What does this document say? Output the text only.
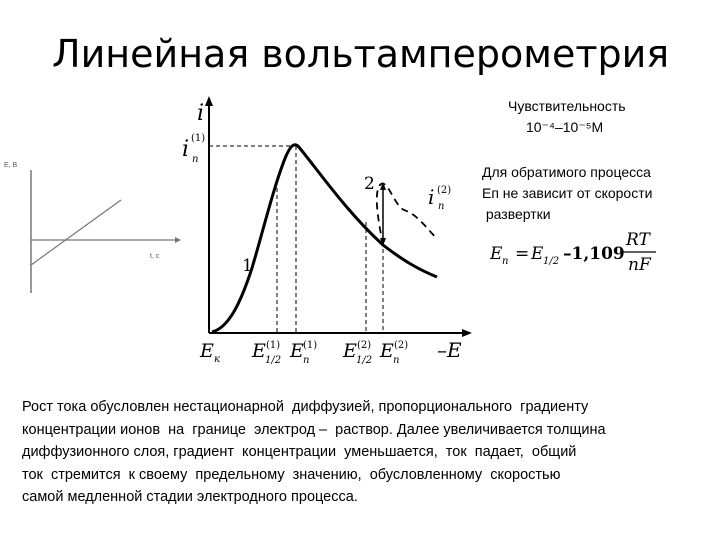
Линейная вольтамперометрия
Чувствительность
10⁻⁴–10⁻⁵М
Для обратимого процесса
Еп не зависит от скорости
развертки
E п = E 1/2 –1,109
RT
nF
E, B
t, c
i
i п
(1)
i п
(2)
1
2
E к E 1/2
(1) E п
(1) E 1/2
(2) E п
(2) –E
Рост тока обусловлен нестационарной  диффузией, пропорционального  градиенту
концентрации ионов  на  границе  электрод –  раствор. Далее увеличивается толщина
диффузионного слоя, градиент  концентрации  уменьшается,  ток  падает,  общий
ток  стремится  к своему  предельному  значению,  обусловленному  скоростью
самой медленной стадии электродного процесса.
